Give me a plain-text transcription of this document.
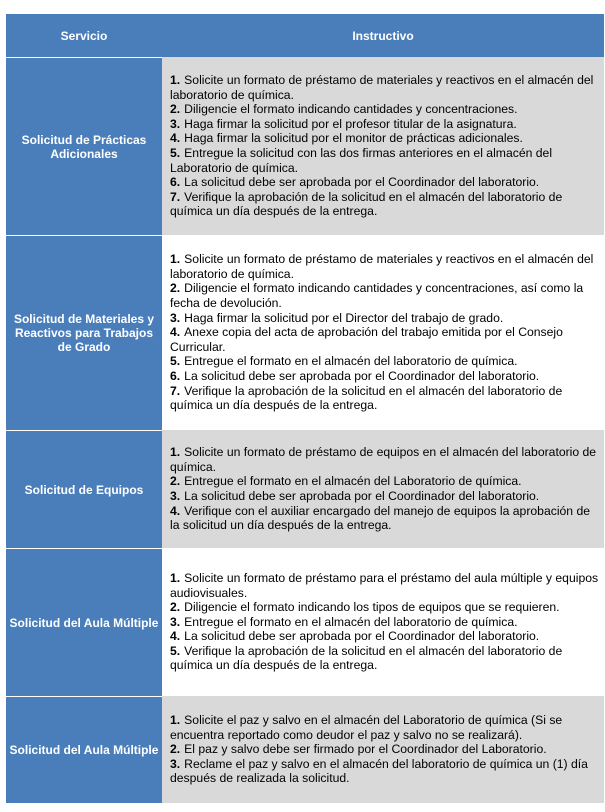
Servicio	Instructivo
Solicitud de Prácticas Adicionales
1. Solicite un formato de préstamo de materiales y reactivos en el almacén del laboratorio de química.
2. Diligencie el formato indicando cantidades y concentraciones.
3. Haga firmar la solicitud por el profesor titular de la asignatura.
4. Haga firmar la solicitud por el monitor de prácticas adicionales.
5. Entregue la solicitud con las dos firmas anteriores en el almacén del Laboratorio de química.
6. La solicitud debe ser aprobada por el Coordinador del laboratorio.
7. Verifique la aprobación de la solicitud en el almacén del laboratorio de química un día después de la entrega.
Solicitud de Materiales y Reactivos para Trabajos de Grado
1. Solicite un formato de préstamo de materiales y reactivos en el almacén del laboratorio de química.
2. Diligencie el formato indicando cantidades y concentraciones, así como la fecha de devolución.
3. Haga firmar la solicitud por el Director del trabajo de grado.
4. Anexe copia del acta de aprobación del trabajo emitida por el Consejo Curricular.
5. Entregue el formato en el almacén del laboratorio de química.
6. La solicitud debe ser aprobada por el Coordinador del laboratorio.
7. Verifique la aprobación de la solicitud en el almacén del laboratorio de química un día después de la entrega.
Solicitud de Equipos
1. Solicite un formato de préstamo de equipos en el almacén del laboratorio de química.
2. Entregue el formato en el almacén del Laboratorio de química.
3. La solicitud debe ser aprobada por el Coordinador del laboratorio.
4. Verifique con el auxiliar encargado del manejo de equipos la aprobación de la solicitud un día después de la entrega.
Solicitud del Aula Múltiple
1. Solicite un formato de préstamo para el préstamo del aula múltiple y equipos audiovisuales.
2. Diligencie el formato indicando los tipos de equipos que se requieren.
3. Entregue el formato en el almacén del laboratorio de química.
4. La solicitud debe ser aprobada por el Coordinador del laboratorio.
5. Verifique la aprobación de la solicitud en el almacén del laboratorio de química un día después de la entrega.
Solicitud del Aula Múltiple
1. Solicite el paz y salvo en el almacén del Laboratorio de química (Si se encuentra reportado como deudor el paz y salvo no se realizará).
2. El paz y salvo debe ser firmado por el Coordinador del Laboratorio.
3. Reclame el paz y salvo en el almacén del laboratorio de química un (1) día después de realizada la solicitud.
